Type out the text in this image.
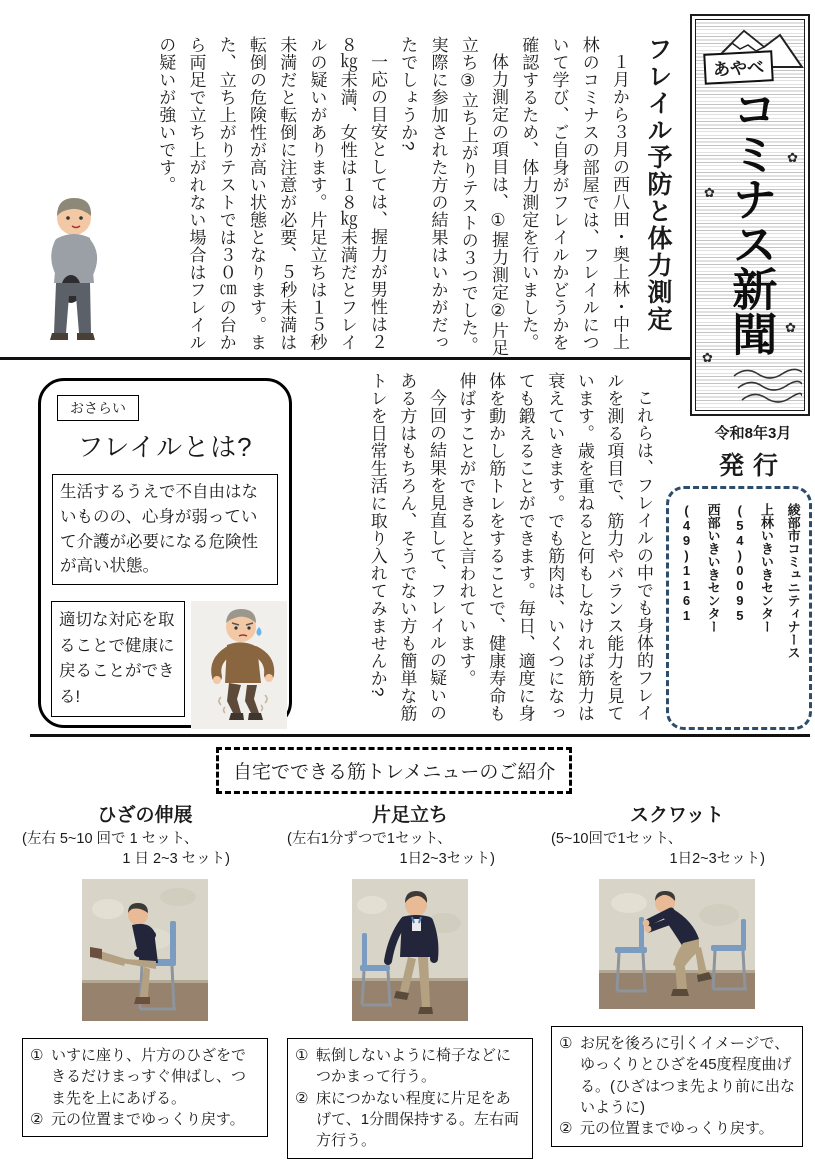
フレイル予防と体力測定

１月から３月の西八田・奥上林・中上林のコミナスの部屋では、フレイルについて学び、ご自身がフレイルかどうかを確認するため、体力測定を行いました。

体力測定の項目は、①握力測定②片足立ち③立ち上がりテストの３つでした。実際に参加された方の結果はいかがだったでしょうか?

一応の目安としては、握力が男性は２８㎏未満、女性は１８㎏未満だとフレイルの疑いがあります。片足立ちは１５秒未満だと転倒に注意が必要、５秒未満は転倒の危険性が高い状態となります。また、立ち上がりテストでは３０㎝の台から両足で立ち上がれない場合はフレイルの疑いが強いです。	あやべ
コミナス新聞
✿
✿
✿
✿
おさらい
フレイルとは?
生活するうえで不自由はないものの、心身が弱っていて介護が必要になる危険性が高い状態。
適切な対応を取ることで健康に戻ることができる!	これらは、フレイルの中でも身体的フレイルを測る項目で、筋力やバランス能力を見ています。歳を重ねると何もしなければ筋力は衰えていきます。でも筋肉は、いくつになっても鍛えることができます。毎日、適度に身体を動かし筋トレをすることで、健康寿命も伸ばすことができると言われています。

今回の結果を見直して、フレイルの疑いのある方はもちろん、そうでない方も簡単な筋トレを日常生活に取り入れてみませんか?	令和8年3月
発行
綾部市コミュニティナース
上林いきいきセンター
(54)0095
西部いきいきセンター
(49)1161
自宅でできる筋トレメニューのご紹介

ひざの伸展

(左右 5~10 回で 1 セット、
1 日 2~3 セット)
① いすに座り、片方のひざをできるだけまっすぐ伸ばし、つま先を上にあげる。
② 元の位置までゆっくり戻す。

片足立ち

(左右1分ずつで1セット、
1日2~3セット)
① 転倒しないように椅子などにつかまって行う。
② 床につかない程度に片足をあげて、1分間保持する。左右両方行う。

スクワット

(5~10回で1セット、
1日2~3セット)
① お尻を後ろに引くイメージで、ゆっくりとひざを45度程度曲げる。(ひざはつま先より前に出ないように)
② 元の位置までゆっくり戻す。
